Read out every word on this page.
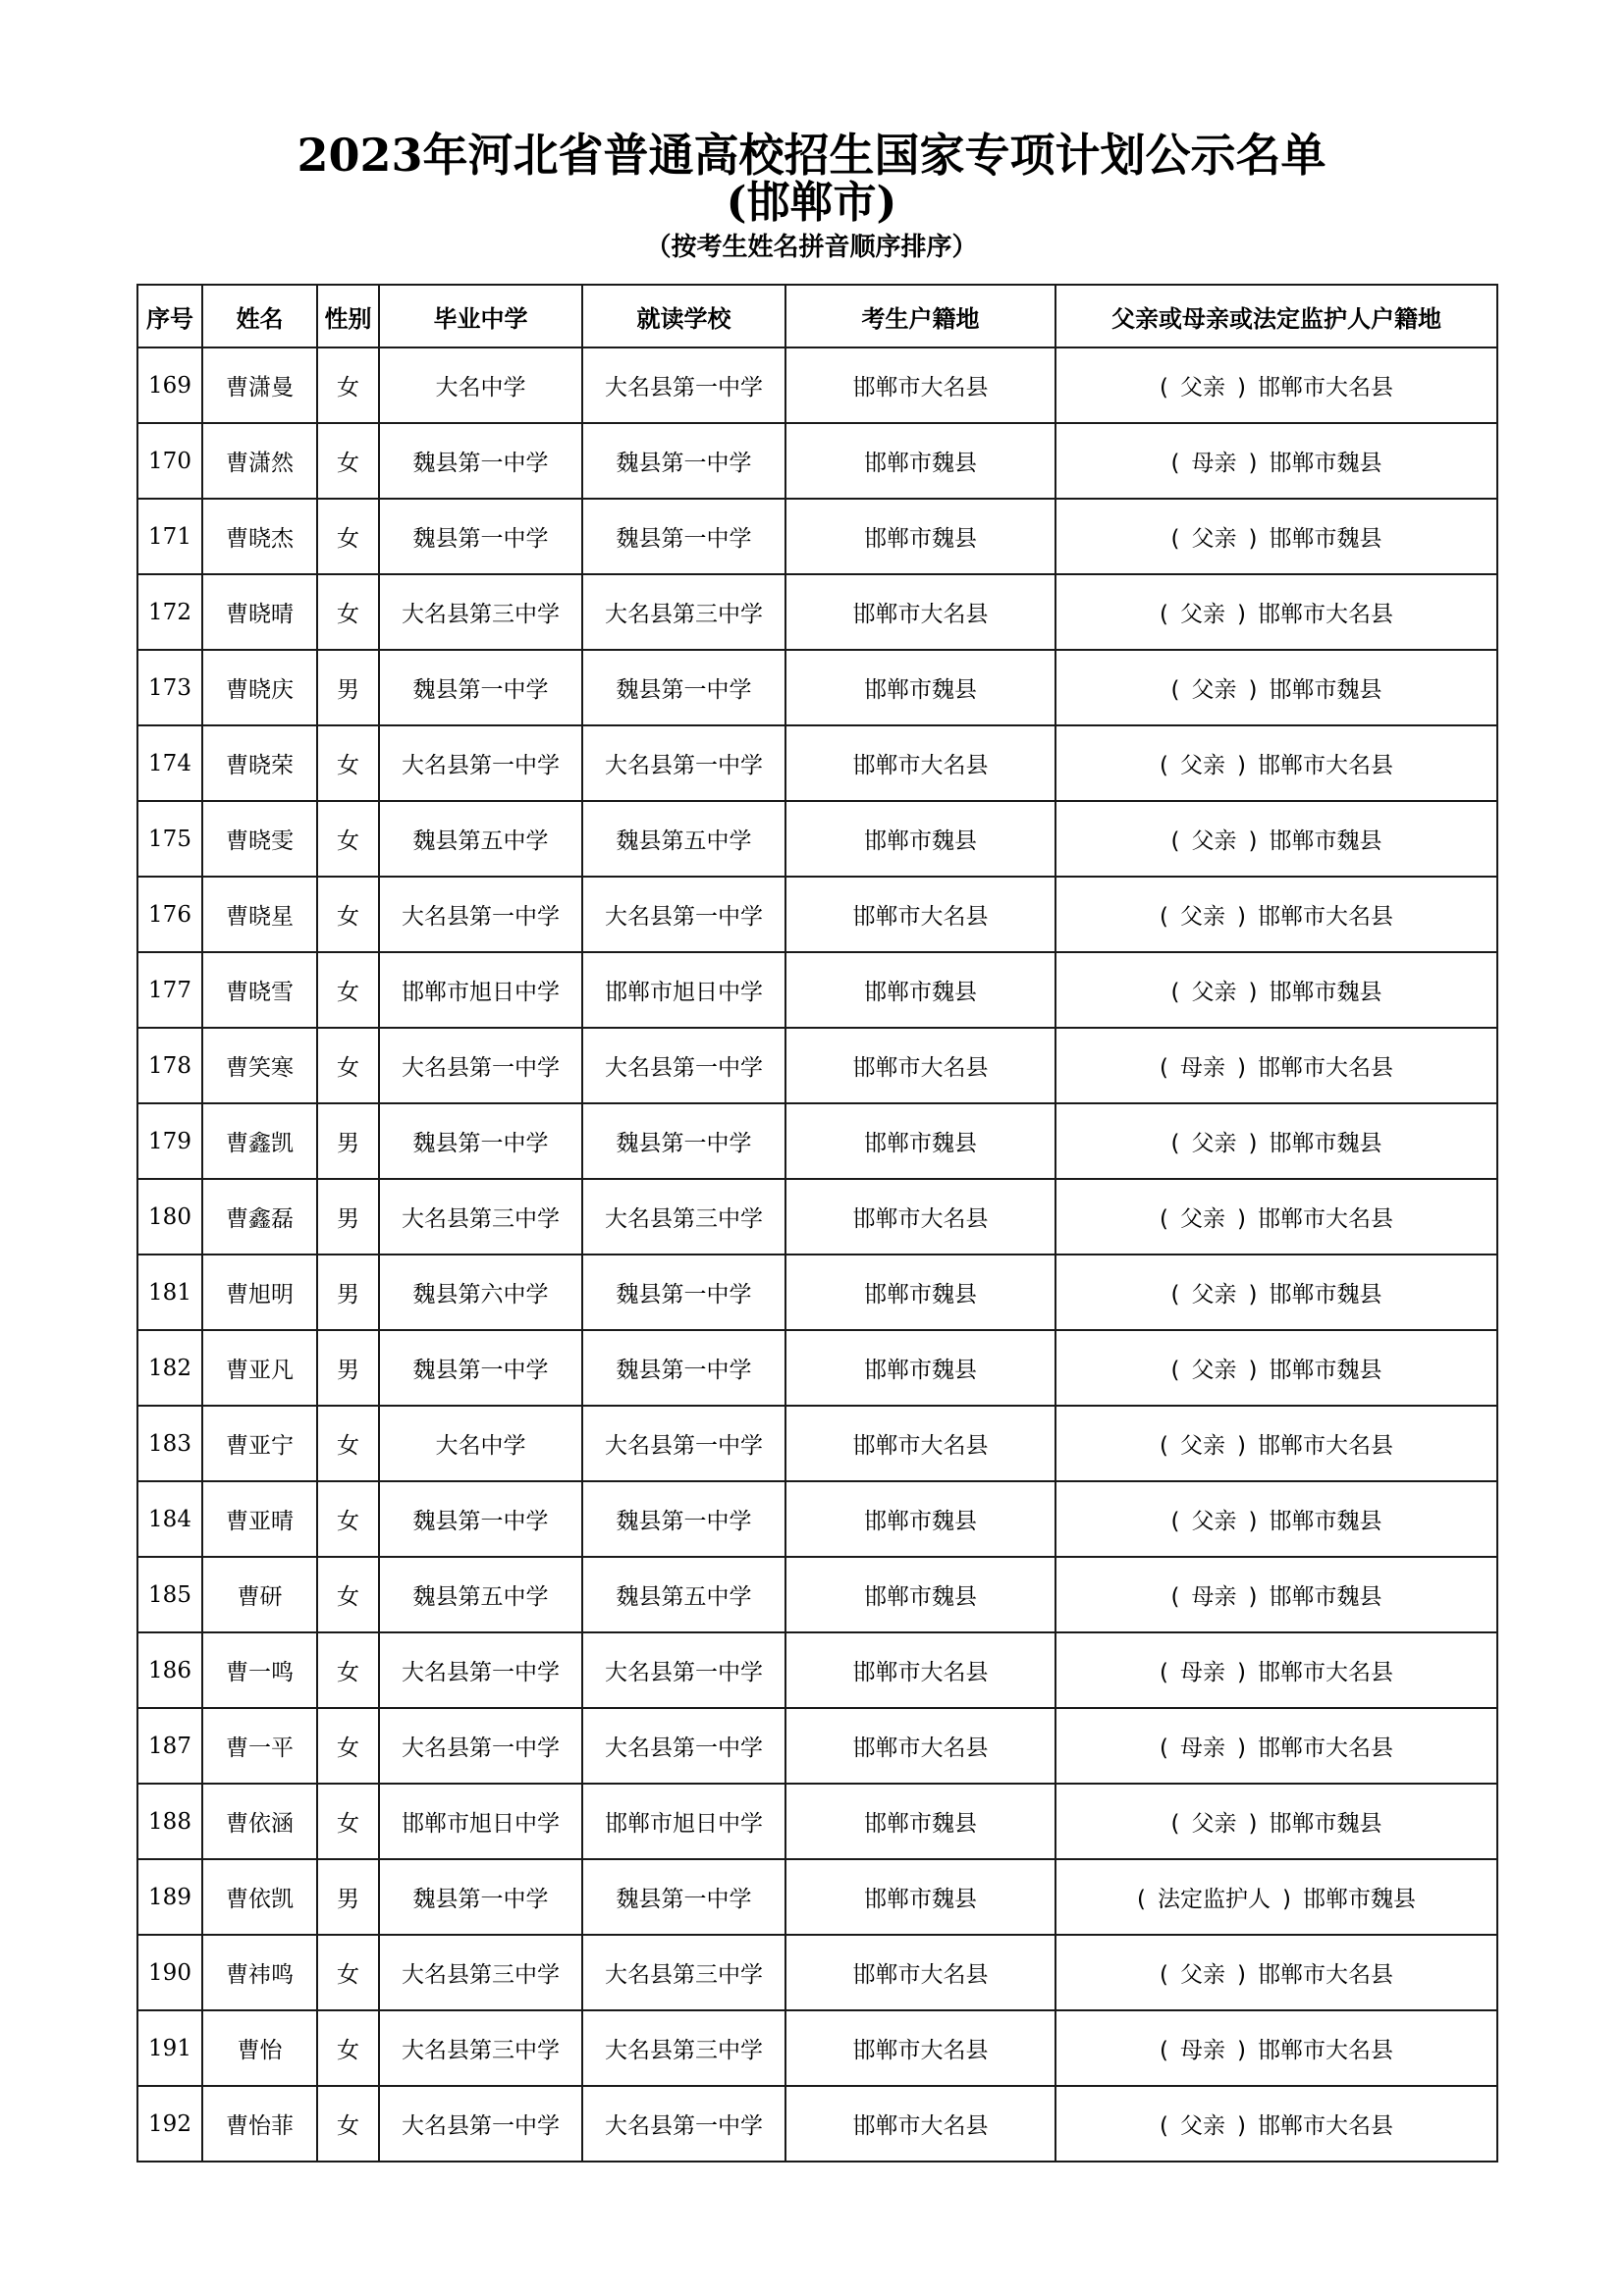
2023年河北省普通高校招生国家专项计划公示名单
(邯郸市)
（按考生姓名拼音顺序排序）
序号	姓名	性别	毕业中学	就读学校	考生户籍地	父亲或母亲或法定监护人户籍地
169	曹潇曼	女	大名中学	大名县第一中学	邯郸市大名县	( 父亲 ) 邯郸市大名县
170	曹潇然	女	魏县第一中学	魏县第一中学	邯郸市魏县	( 母亲 ) 邯郸市魏县
171	曹晓杰	女	魏县第一中学	魏县第一中学	邯郸市魏县	( 父亲 ) 邯郸市魏县
172	曹晓晴	女	大名县第三中学	大名县第三中学	邯郸市大名县	( 父亲 ) 邯郸市大名县
173	曹晓庆	男	魏县第一中学	魏县第一中学	邯郸市魏县	( 父亲 ) 邯郸市魏县
174	曹晓荣	女	大名县第一中学	大名县第一中学	邯郸市大名县	( 父亲 ) 邯郸市大名县
175	曹晓雯	女	魏县第五中学	魏县第五中学	邯郸市魏县	( 父亲 ) 邯郸市魏县
176	曹晓星	女	大名县第一中学	大名县第一中学	邯郸市大名县	( 父亲 ) 邯郸市大名县
177	曹晓雪	女	邯郸市旭日中学	邯郸市旭日中学	邯郸市魏县	( 父亲 ) 邯郸市魏县
178	曹笑寒	女	大名县第一中学	大名县第一中学	邯郸市大名县	( 母亲 ) 邯郸市大名县
179	曹鑫凯	男	魏县第一中学	魏县第一中学	邯郸市魏县	( 父亲 ) 邯郸市魏县
180	曹鑫磊	男	大名县第三中学	大名县第三中学	邯郸市大名县	( 父亲 ) 邯郸市大名县
181	曹旭明	男	魏县第六中学	魏县第一中学	邯郸市魏县	( 父亲 ) 邯郸市魏县
182	曹亚凡	男	魏县第一中学	魏县第一中学	邯郸市魏县	( 父亲 ) 邯郸市魏县
183	曹亚宁	女	大名中学	大名县第一中学	邯郸市大名县	( 父亲 ) 邯郸市大名县
184	曹亚晴	女	魏县第一中学	魏县第一中学	邯郸市魏县	( 父亲 ) 邯郸市魏县
185	曹研	女	魏县第五中学	魏县第五中学	邯郸市魏县	( 母亲 ) 邯郸市魏县
186	曹一鸣	女	大名县第一中学	大名县第一中学	邯郸市大名县	( 母亲 ) 邯郸市大名县
187	曹一平	女	大名县第一中学	大名县第一中学	邯郸市大名县	( 母亲 ) 邯郸市大名县
188	曹依涵	女	邯郸市旭日中学	邯郸市旭日中学	邯郸市魏县	( 父亲 ) 邯郸市魏县
189	曹依凯	男	魏县第一中学	魏县第一中学	邯郸市魏县	( 法定监护人 ) 邯郸市魏县
190	曹祎鸣	女	大名县第三中学	大名县第三中学	邯郸市大名县	( 父亲 ) 邯郸市大名县
191	曹怡	女	大名县第三中学	大名县第三中学	邯郸市大名县	( 母亲 ) 邯郸市大名县
192	曹怡菲	女	大名县第一中学	大名县第一中学	邯郸市大名县	( 父亲 ) 邯郸市大名县
